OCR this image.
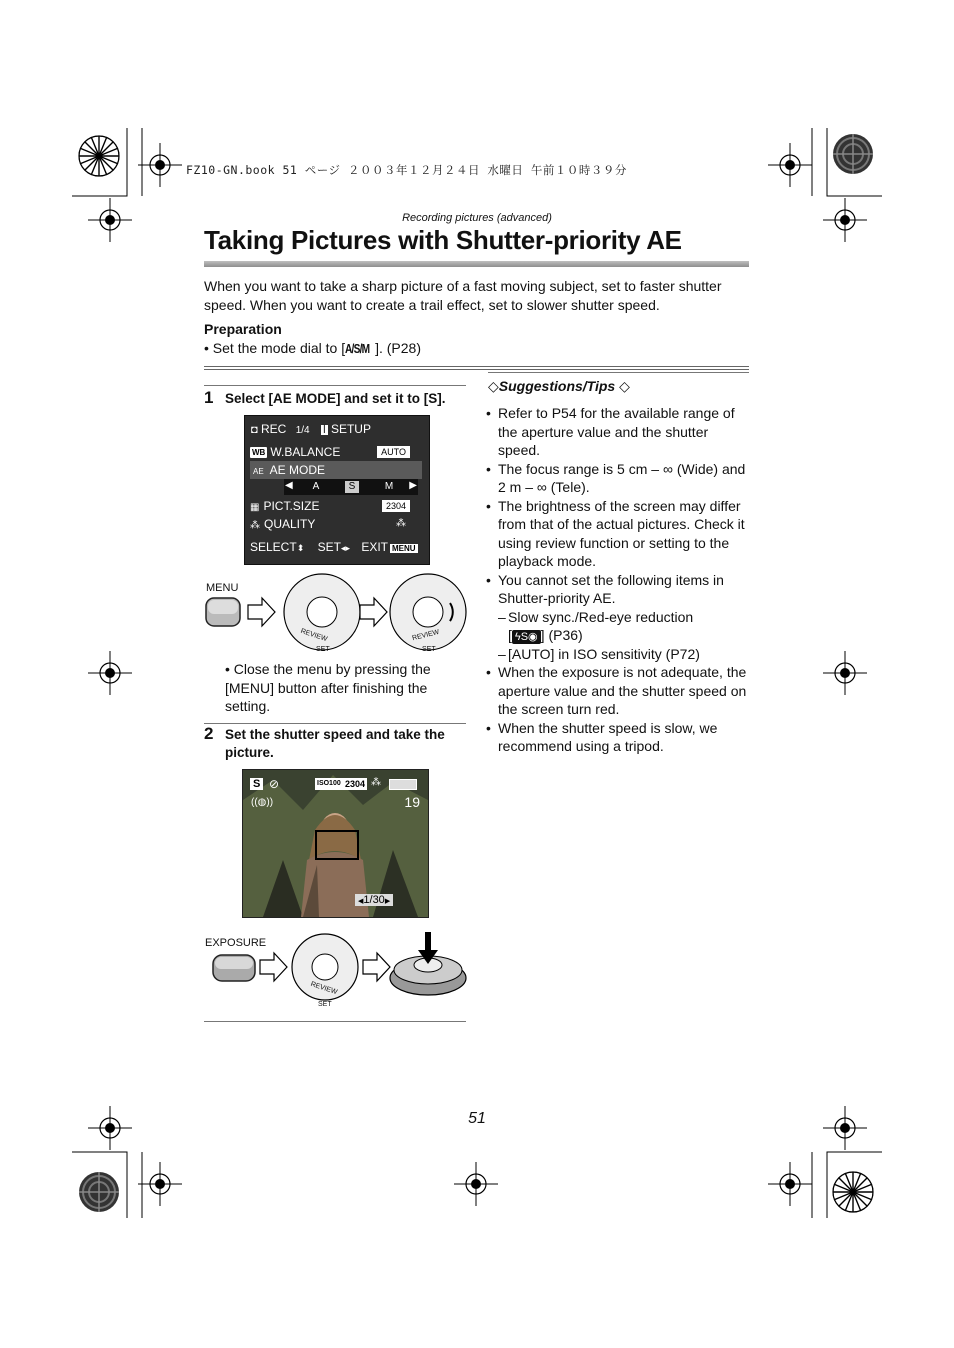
FZ10-GN.book 51 ページ ２００３年１２月２４日 水曜日 午前１０時３９分
Recording pictures (advanced)
Taking Pictures with Shutter-priority AE
When you want to take a sharp picture of a fast moving subject, set to faster shutter speed. When you want to create a trail effect, set to slower shutter speed.
Preparation
• Set the mode dial to [A/S/M ]. (P28)
1 Select [AE MODE] and set it to [S].
◘ REC 1/4 ꟾ SETUP
WB W.BALANCE	AUTO
AE AE MODE
▦ PICT.SIZE	2304
⁂ QUALITY	⁂
◀	A	S	M ▶
SELECT⬍ SET◂▸ EXIT MENU
MENU
REVIEW
SET
REVIEW
SET
• Close the menu by pressing the [MENU] button after finishing the setting.
2 Set the shutter speed and take the picture.
S ⊘	ISO100 2304 ⁂
((◍))	19
◀1/30▶
EXPOSURE
REVIEW
SET
◇Suggestions/Tips ◇
• Refer to P54 for the available range of the aperture value and the shutter speed.
• The focus range is 5 cm – ∞ (Wide) and 2 m – ∞ (Tele).
• The brightness of the screen may differ from that of the actual pictures. Check it using review function or setting to the playback mode.
• You cannot set the following items in Shutter-priority AE.
– Slow sync./Red-eye reduction
[ ϟS◉ ] (P36)
– [AUTO] in ISO sensitivity (P72)
• When the exposure is not adequate, the aperture value and the shutter speed on the screen turn red.
• When the shutter speed is slow, we recommend using a tripod.
51
